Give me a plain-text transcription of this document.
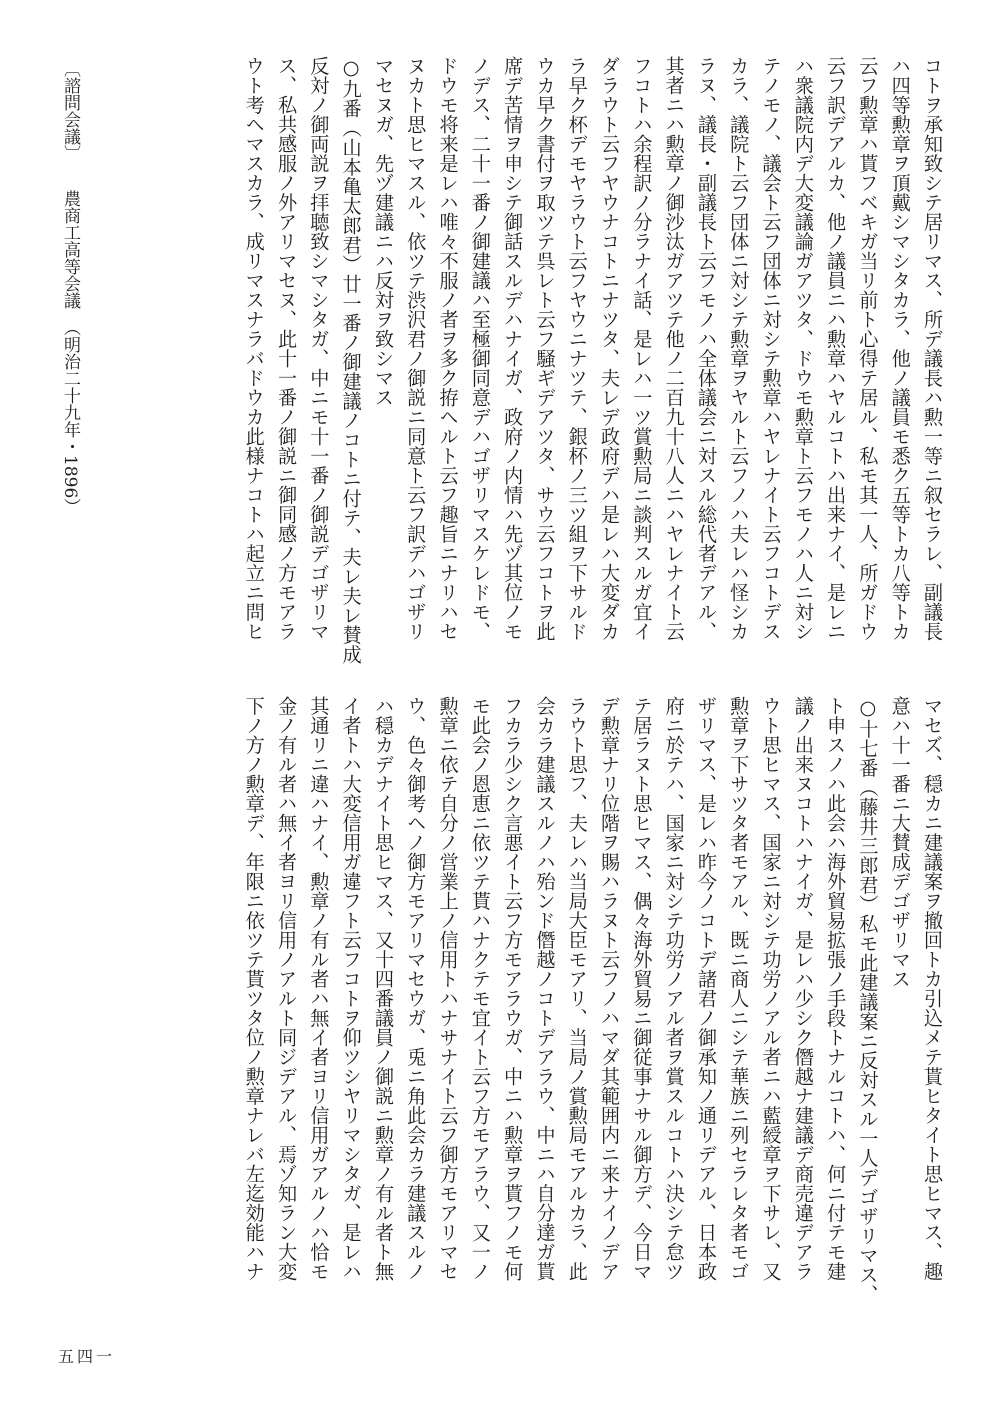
コトヲ承知致シテ居リマス、所デ議長ハ勲一等ニ叙セラレ、副議長
ハ四等勲章ヲ頂戴シマシタカラ、他ノ議員モ悉ク五等トカ八等トカ
云フ勲章ハ貰フベキガ当リ前ト心得テ居ル、私モ其一人、所ガドウ
云フ訳デアルカ、他ノ議員ニハ勲章ハヤルコトハ出来ナイ、是レニ
ハ衆議院内デ大変議論ガアツタ、ドウモ勲章ト云フモノハ人ニ対シ
テノモノ、議会ト云フ団体ニ対シテ勲章ハヤレナイト云フコトデス
カラ、議院ト云フ団体ニ対シテ勲章ヲヤルト云フノハ夫レハ怪シカ
ラヌ、議長・副議長ト云フモノハ全体議会ニ対スル総代者デアル、
其者ニハ勲章ノ御沙汰ガアツテ他ノ二百九十八人ニハヤレナイト云
フコトハ余程訳ノ分ラナイ話、是レハ一ツ賞勲局ニ談判スルガ宜イ
ダラウト云フヤウナコトニナツタ、夫レデ政府デハ是レハ大変ダカ
ラ早ク杯デモヤラウト云フヤウニナツテ、銀杯ノ三ツ組ヲ下サルド
ウカ早ク書付ヲ取ツテ呉レト云フ騒ギデアツタ、サウ云フコトヲ此
席デ苦情ヲ申シテ御話スルデハナイガ、政府ノ内情ハ先ヅ其位ノモ
ノデス、二十一番ノ御建議ハ至極御同意デハゴザリマスケレドモ、
ドウモ将来是レハ唯々不服ノ者ヲ多ク拵ヘルト云フ趣旨ニナリハセ
ヌカト思ヒマスル、依ツテ渋沢君ノ御説ニ同意ト云フ訳デハゴザリ
マセヌガ、先ヅ建議ニハ反対ヲ致シマス
○九番（山本亀太郎君）廿一番ノ御建議ノコトニ付テ、夫レ夫レ賛成
反対ノ御両説ヲ拝聴致シマシタガ、中ニモ十一番ノ御説デゴザリマ
ス、私共感服ノ外アリマセヌ、此十一番ノ御説ニ御同感ノ方モアラ
ウト考ヘマスカラ、成リマスナラバドウカ此様ナコトハ起立ニ問ヒ
マセズ、穏カニ建議案ヲ撤回トカ引込メテ貰ヒタイト思ヒマス、趣
意ハ十一番ニ大賛成デゴザリマス
○十七番（藤井三郎君）私モ此建議案ニ反対スル一人デゴザリマス、
ト申スノハ此会ハ海外貿易拡張ノ手段トナルコトハ、何ニ付テモ建
議ノ出来ヌコトハナイガ、是レハ少シク僭越ナ建議デ商売違デアラ
ウト思ヒマス、国家ニ対シテ功労ノアル者ニハ藍綬章ヲ下サレ、又
勲章ヲ下サツタ者モアル、既ニ商人ニシテ華族ニ列セラレタ者モゴ
ザリマス、是レハ昨今ノコトデ諸君ノ御承知ノ通リデアル、日本政
府ニ於テハ、国家ニ対シテ功労ノアル者ヲ賞スルコトハ決シテ怠ツ
テ居ラヌト思ヒマス、偶々海外貿易ニ御従事ナサル御方デ、今日マ
デ勲章ナリ位階ヲ賜ハラヌト云フノハマダ其範囲内ニ来ナイノデア
ラウト思フ、夫レハ当局大臣モアリ、当局ノ賞勲局モアルカラ、此
会カラ建議スルノハ殆ンド僭越ノコトデアラウ、中ニハ自分達ガ貰
フカラ少シク言悪イト云フ方モアラウガ、中ニハ勲章ヲ貰フノモ何
モ此会ノ恩恵ニ依ツテ貰ハナクテモ宜イト云フ方モアラウ、又一ノ
勲章ニ依テ自分ノ営業上ノ信用トハナサナイト云フ御方モアリマセ
ウ、色々御考ヘノ御方モアリマセウガ、兎ニ角此会カラ建議スルノ
ハ穏カデナイト思ヒマス、又十四番議員ノ御説ニ勲章ノ有ル者ト無
イ者トハ大変信用ガ違フト云フコトヲ仰ツシヤリマシタガ、是レハ
其通リニ違ハナイ、勲章ノ有ル者ハ無イ者ヨリ信用ガアルノハ恰モ
金ノ有ル者ハ無イ者ヨリ信用ノアルト同ジデアル、焉ゾ知ラン大変
下ノ方ノ勲章デ、年限ニ依ツテ貰ツタ位ノ勲章ナレバ左迄効能ハナ
〔諮問会議〕農商工高等会議（明治二十九年・1896）
五四一
